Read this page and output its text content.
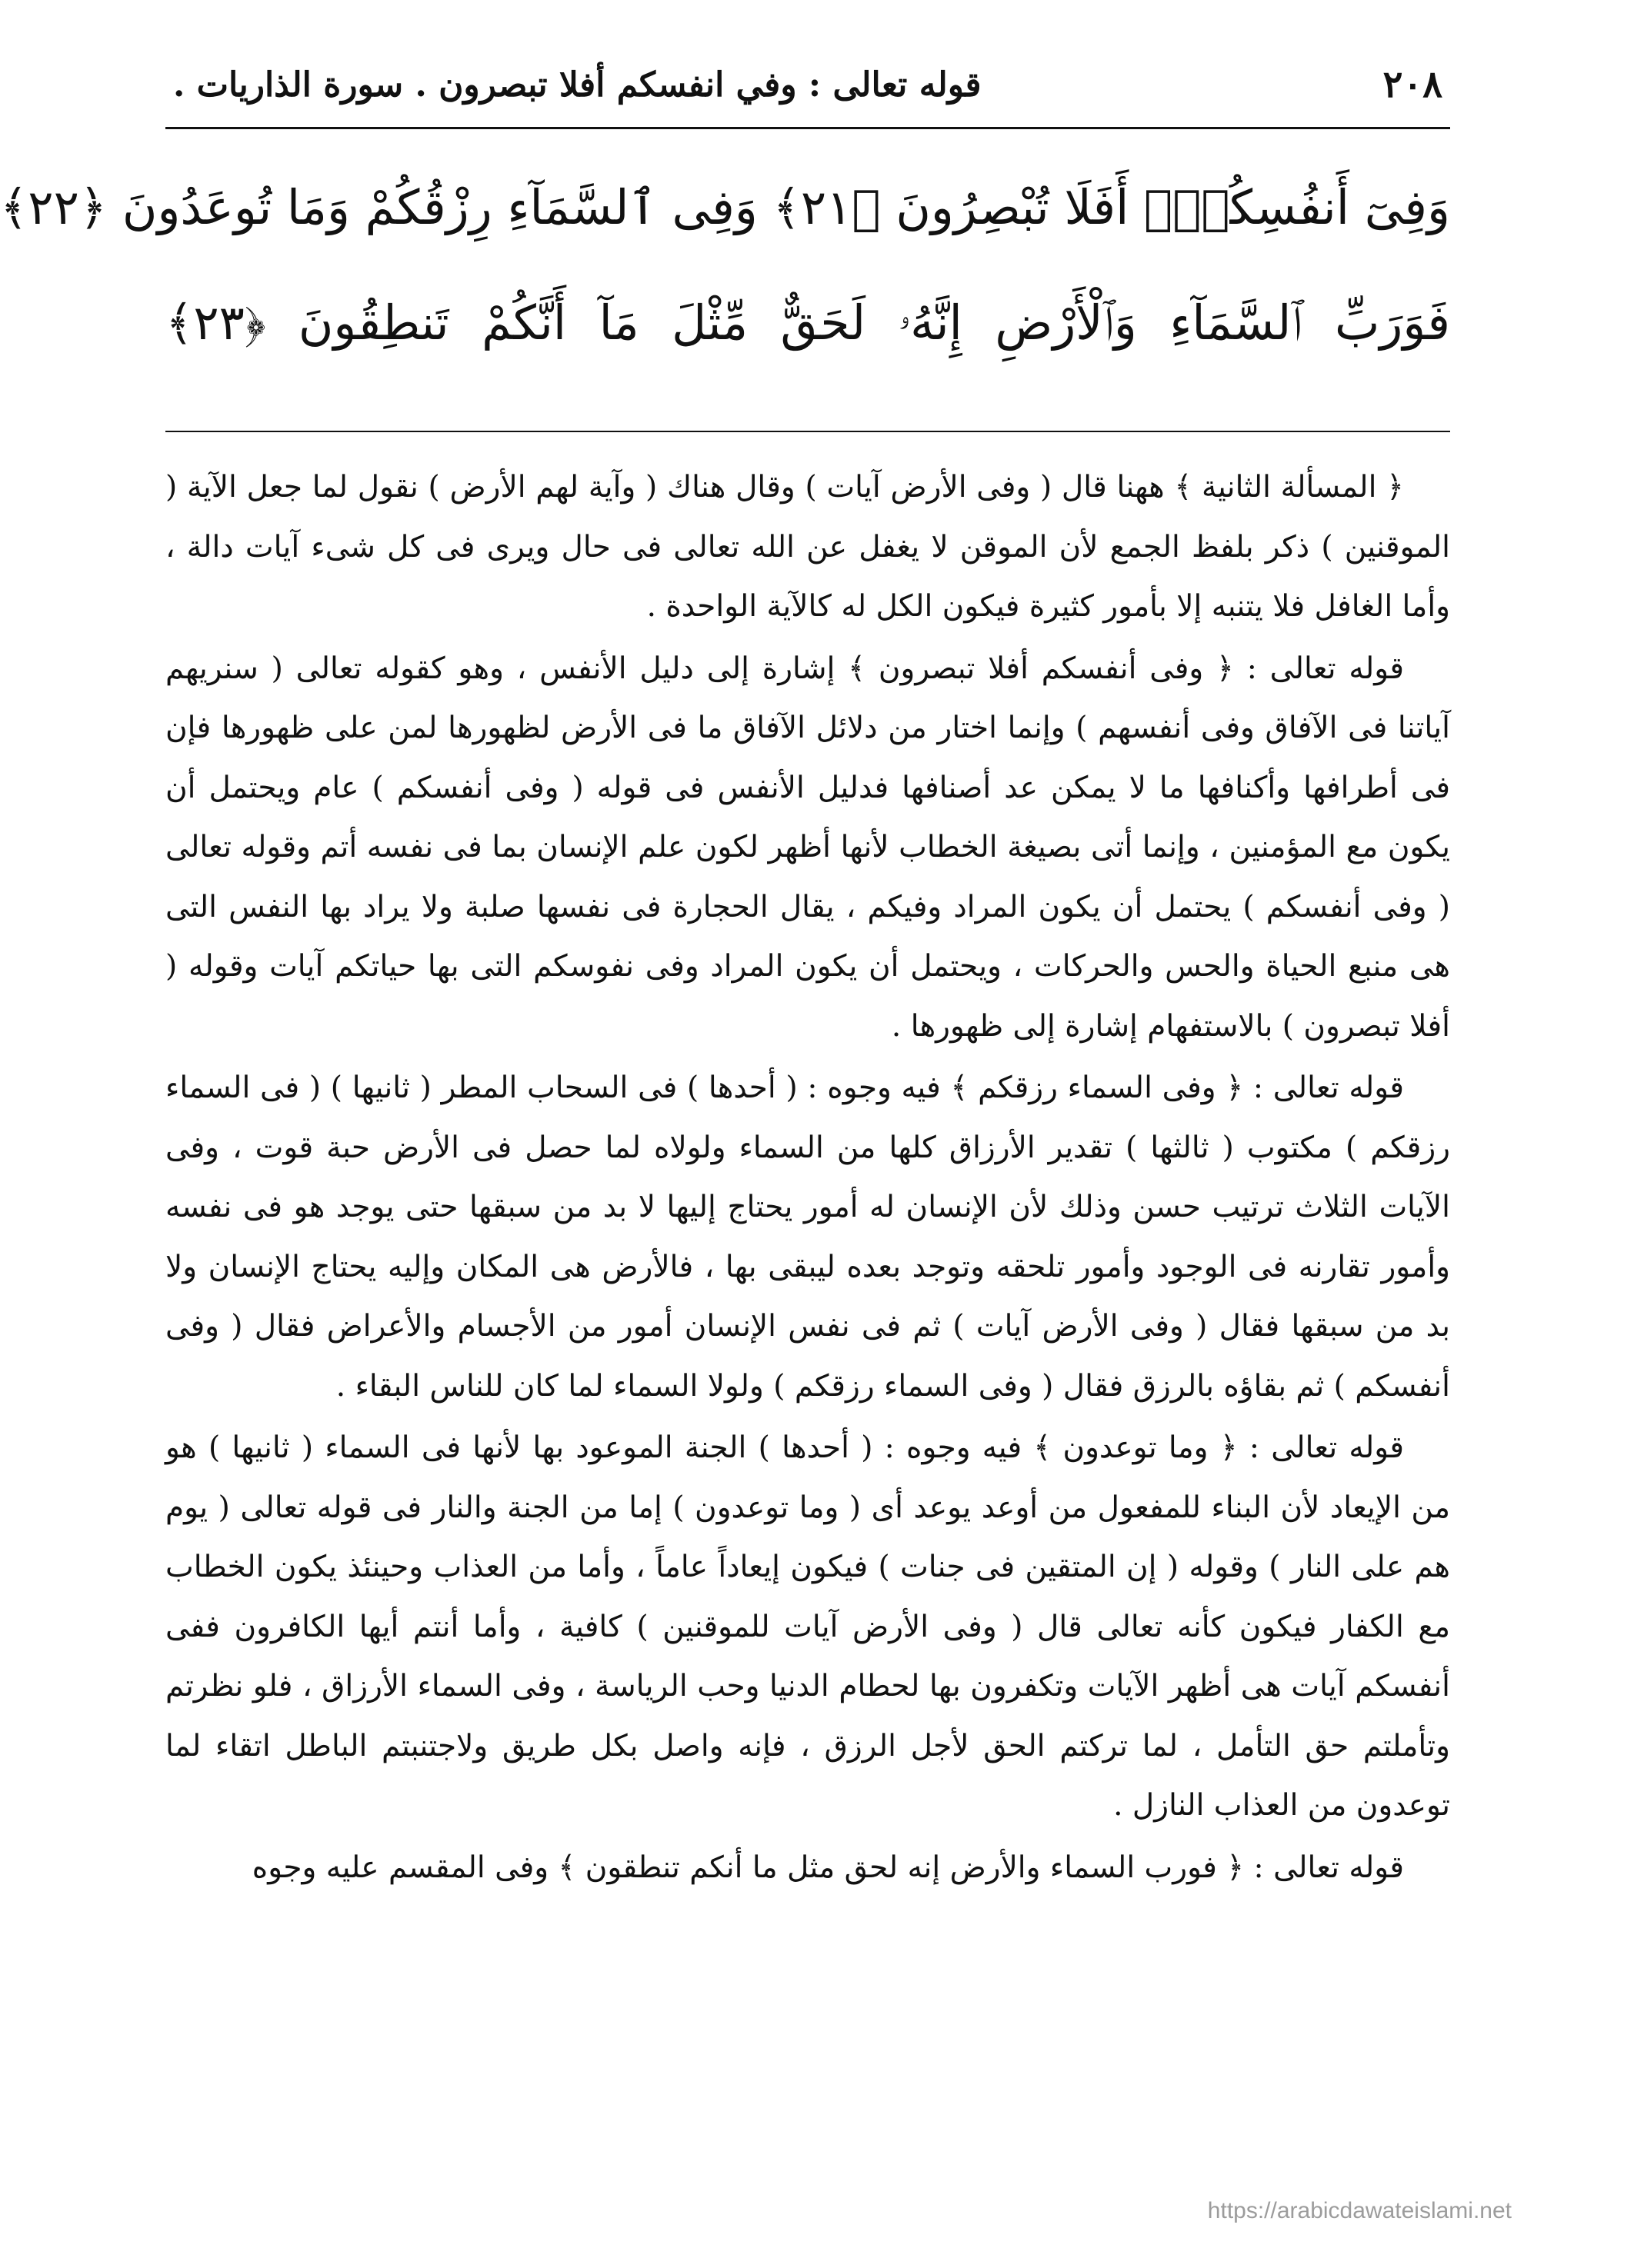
٢٠٨
قوله تعالى : وفي انفسكم أفلا تبصرون . سورة الذاريات .
وَفِىٓ أَنفُسِكُمْۚ أَفَلَا تُبْصِرُونَ ﴿٢١﴾ وَفِى ٱلسَّمَآءِ رِزْقُكُمْ وَمَا تُوعَدُونَ ﴿٢٢﴾
فَوَرَبِّ ٱلسَّمَآءِ وَٱلْأَرْضِ إِنَّهُۥ لَحَقٌّ مِّثْلَ مَآ أَنَّكُمْ تَنطِقُونَ ﴿٢٣﴾

﴿ المسألة الثانية ﴾ ههنا قال ( وفى الأرض آيات ) وقال هناك ( وآية لهم الأرض ) نقول لما جعل الآية ( الموقنين ) ذكر بلفظ الجمع لأن الموقن لا يغفل عن الله تعالى فى حال ويرى فى كل شىء آيات دالة ، وأما الغافل فلا يتنبه إلا بأمور كثيرة فيكون الكل له كالآية الواحدة .

قوله تعالى : ﴿ وفى أنفسكم أفلا تبصرون ﴾ إشارة إلى دليل الأنفس ، وهو كقوله تعالى ( سنريهم آياتنا فى الآفاق وفى أنفسهم ) وإنما اختار من دلائل الآفاق ما فى الأرض لظهورها لمن على ظهورها فإن فى أطرافها وأكنافها ما لا يمكن عد أصنافها فدليل الأنفس فى قوله ( وفى أنفسكم ) عام ويحتمل أن يكون مع المؤمنين ، وإنما أتى بصيغة الخطاب لأنها أظهر لكون علم الإنسان بما فى نفسه أتم وقوله تعالى ( وفى أنفسكم ) يحتمل أن يكون المراد وفيكم ، يقال الحجارة فى نفسها صلبة ولا يراد بها النفس التى هى منبع الحياة والحس والحركات ، ويحتمل أن يكون المراد وفى نفوسكم التى بها حياتكم آيات وقوله ( أفلا تبصرون ) بالاستفهام إشارة إلى ظهورها .

قوله تعالى : ﴿ وفى السماء رزقكم ﴾ فيه وجوه : ( أحدها ) فى السحاب المطر ( ثانيها ) ( فى السماء رزقكم ) مكتوب ( ثالثها ) تقدير الأرزاق كلها من السماء ولولاه لما حصل فى الأرض حبة قوت ، وفى الآيات الثلاث ترتيب حسن وذلك لأن الإنسان له أمور يحتاج إليها لا بد من سبقها حتى يوجد هو فى نفسه وأمور تقارنه فى الوجود وأمور تلحقه وتوجد بعده ليبقى بها ، فالأرض هى المكان وإليه يحتاج الإنسان ولا بد من سبقها فقال ( وفى الأرض آيات ) ثم فى نفس الإنسان أمور من الأجسام والأعراض فقال ( وفى أنفسكم ) ثم بقاؤه بالرزق فقال ( وفى السماء رزقكم ) ولولا السماء لما كان للناس البقاء .

قوله تعالى : ﴿ وما توعدون ﴾ فيه وجوه : ( أحدها ) الجنة الموعود بها لأنها فى السماء ( ثانيها ) هو من الإيعاد لأن البناء للمفعول من أوعد يوعد أى ( وما توعدون ) إما من الجنة والنار فى قوله تعالى ( يوم هم على النار ) وقوله ( إن المتقين فى جنات ) فيكون إيعاداً عاماً ، وأما من العذاب وحينئذ يكون الخطاب مع الكفار فيكون كأنه تعالى قال ( وفى الأرض آيات للموقنين ) كافية ، وأما أنتم أيها الكافرون ففى أنفسكم آيات هى أظهر الآيات وتكفرون بها لحطام الدنيا وحب الرياسة ، وفى السماء الأرزاق ، فلو نظرتم وتأملتم حق التأمل ، لما تركتم الحق لأجل الرزق ، فإنه واصل بكل طريق ولاجتنبتم الباطل اتقاء لما توعدون من العذاب النازل .

قوله تعالى : ﴿ فورب السماء والأرض إنه لحق مثل ما أنكم تنطقون ﴾ وفى المقسم عليه وجوه

https://arabicdawateislami.net
